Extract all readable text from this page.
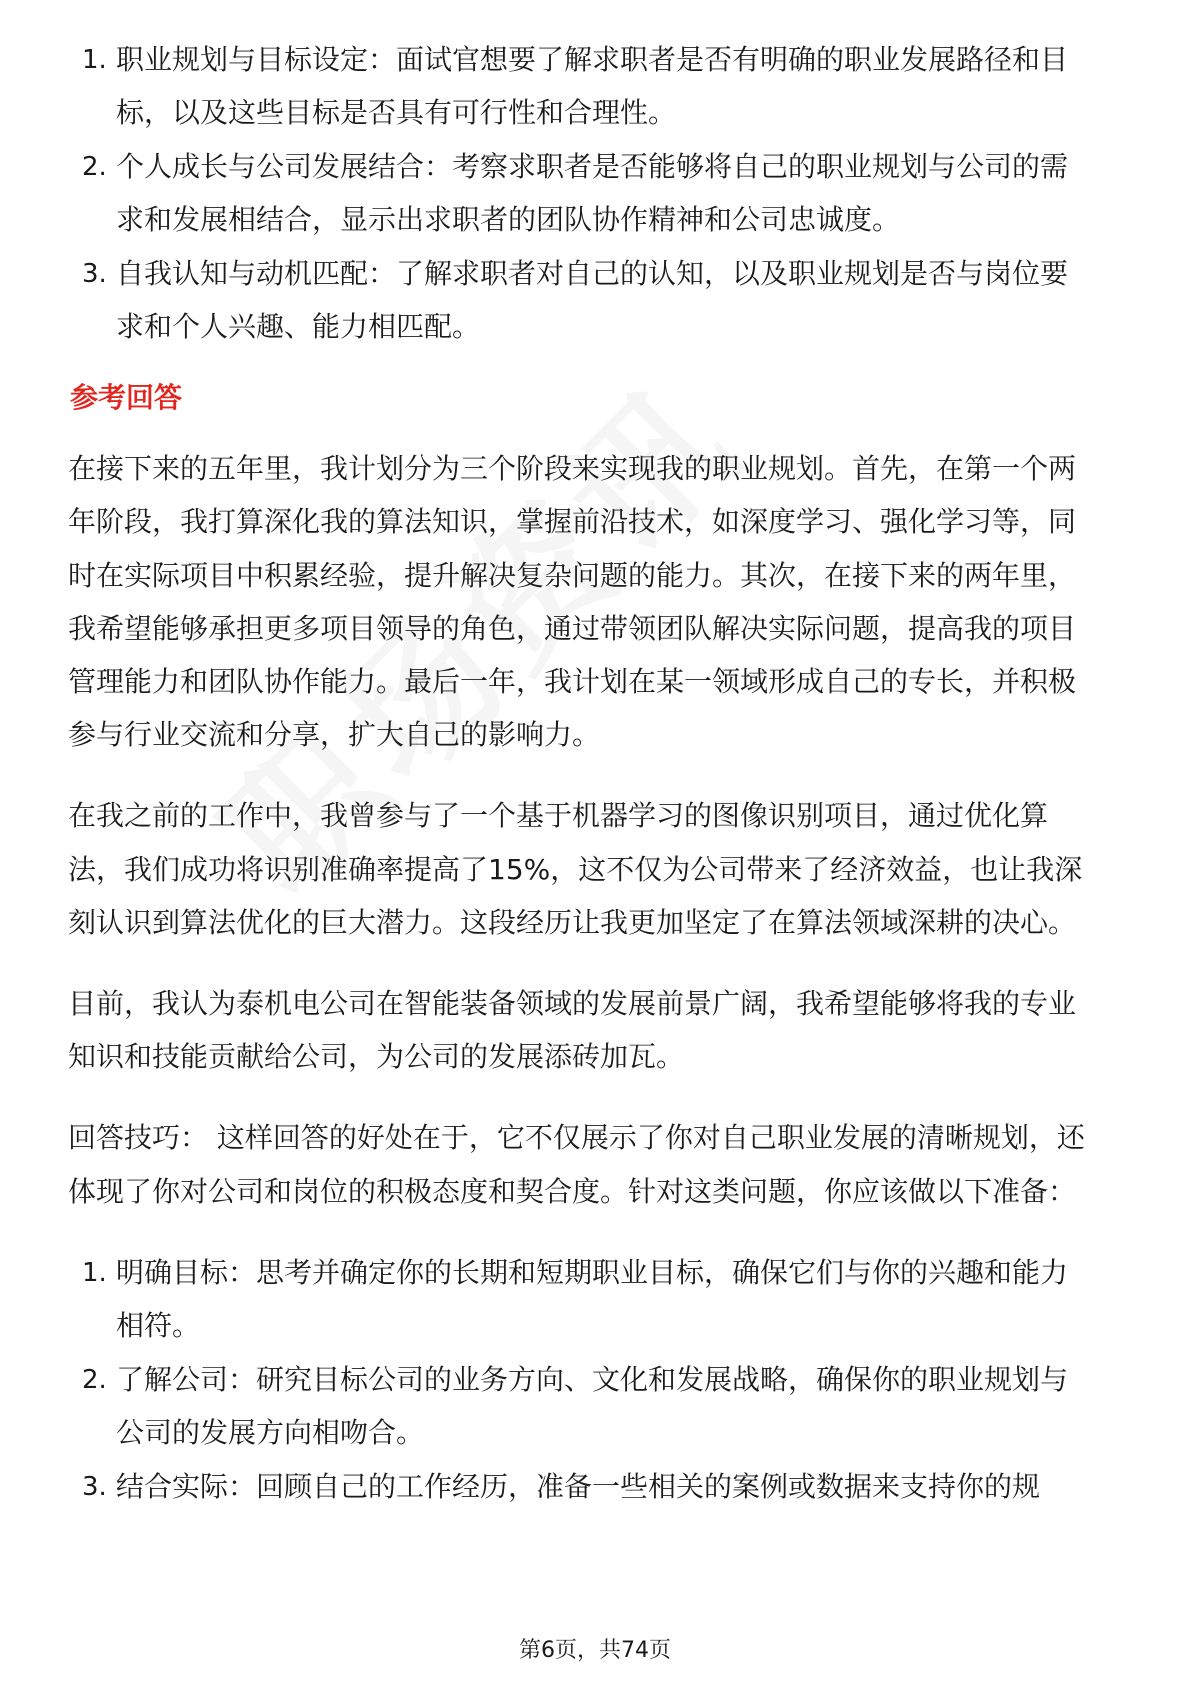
1. 职业规划与目标设定：面试官想要了解求职者是否有明确的职业发展路径和目
标，以及这些目标是否具有可行性和合理性。
2. 个人成长与公司发展结合：考察求职者是否能够将自己的职业规划与公司的需
求和发展相结合，显示出求职者的团队协作精神和公司忠诚度。
3. 自我认知与动机匹配：了解求职者对自己的认知，以及职业规划是否与岗位要
求和个人兴趣、能力相匹配。
参考回答
在接下来的五年里，我计划分为三个阶段来实现我的职业规划。首先，在第一个两
年阶段，我打算深化我的算法知识，掌握前沿技术，如深度学习、强化学习等，同
时在实际项目中积累经验，提升解决复杂问题的能力。其次，在接下来的两年里，
我希望能够承担更多项目领导的角色，通过带领团队解决实际问题，提高我的项目
管理能力和团队协作能力。最后一年，我计划在某一领域形成自己的专长，并积极
参与行业交流和分享，扩大自己的影响力。
在我之前的工作中，我曾参与了一个基于机器学习的图像识别项目，通过优化算
法，我们成功将识别准确率提高了15%，这不仅为公司带来了经济效益，也让我深
刻认识到算法优化的巨大潜力。这段经历让我更加坚定了在算法领域深耕的决心。
目前，我认为泰机电公司在智能装备领域的发展前景广阔，我希望能够将我的专业
知识和技能贡献给公司，为公司的发展添砖加瓦。
回答技巧： 这样回答的好处在于，它不仅展示了你对自己职业发展的清晰规划，还
体现了你对公司和岗位的积极态度和契合度。针对这类问题，你应该做以下准备：
1. 明确目标：思考并确定你的长期和短期职业目标，确保它们与你的兴趣和能力
相符。
2. 了解公司：研究目标公司的业务方向、文化和发展战略，确保你的职业规划与
公司的发展方向相吻合。
3. 结合实际：回顾自己的工作经历，准备一些相关的案例或数据来支持你的规
第6页，共74页
